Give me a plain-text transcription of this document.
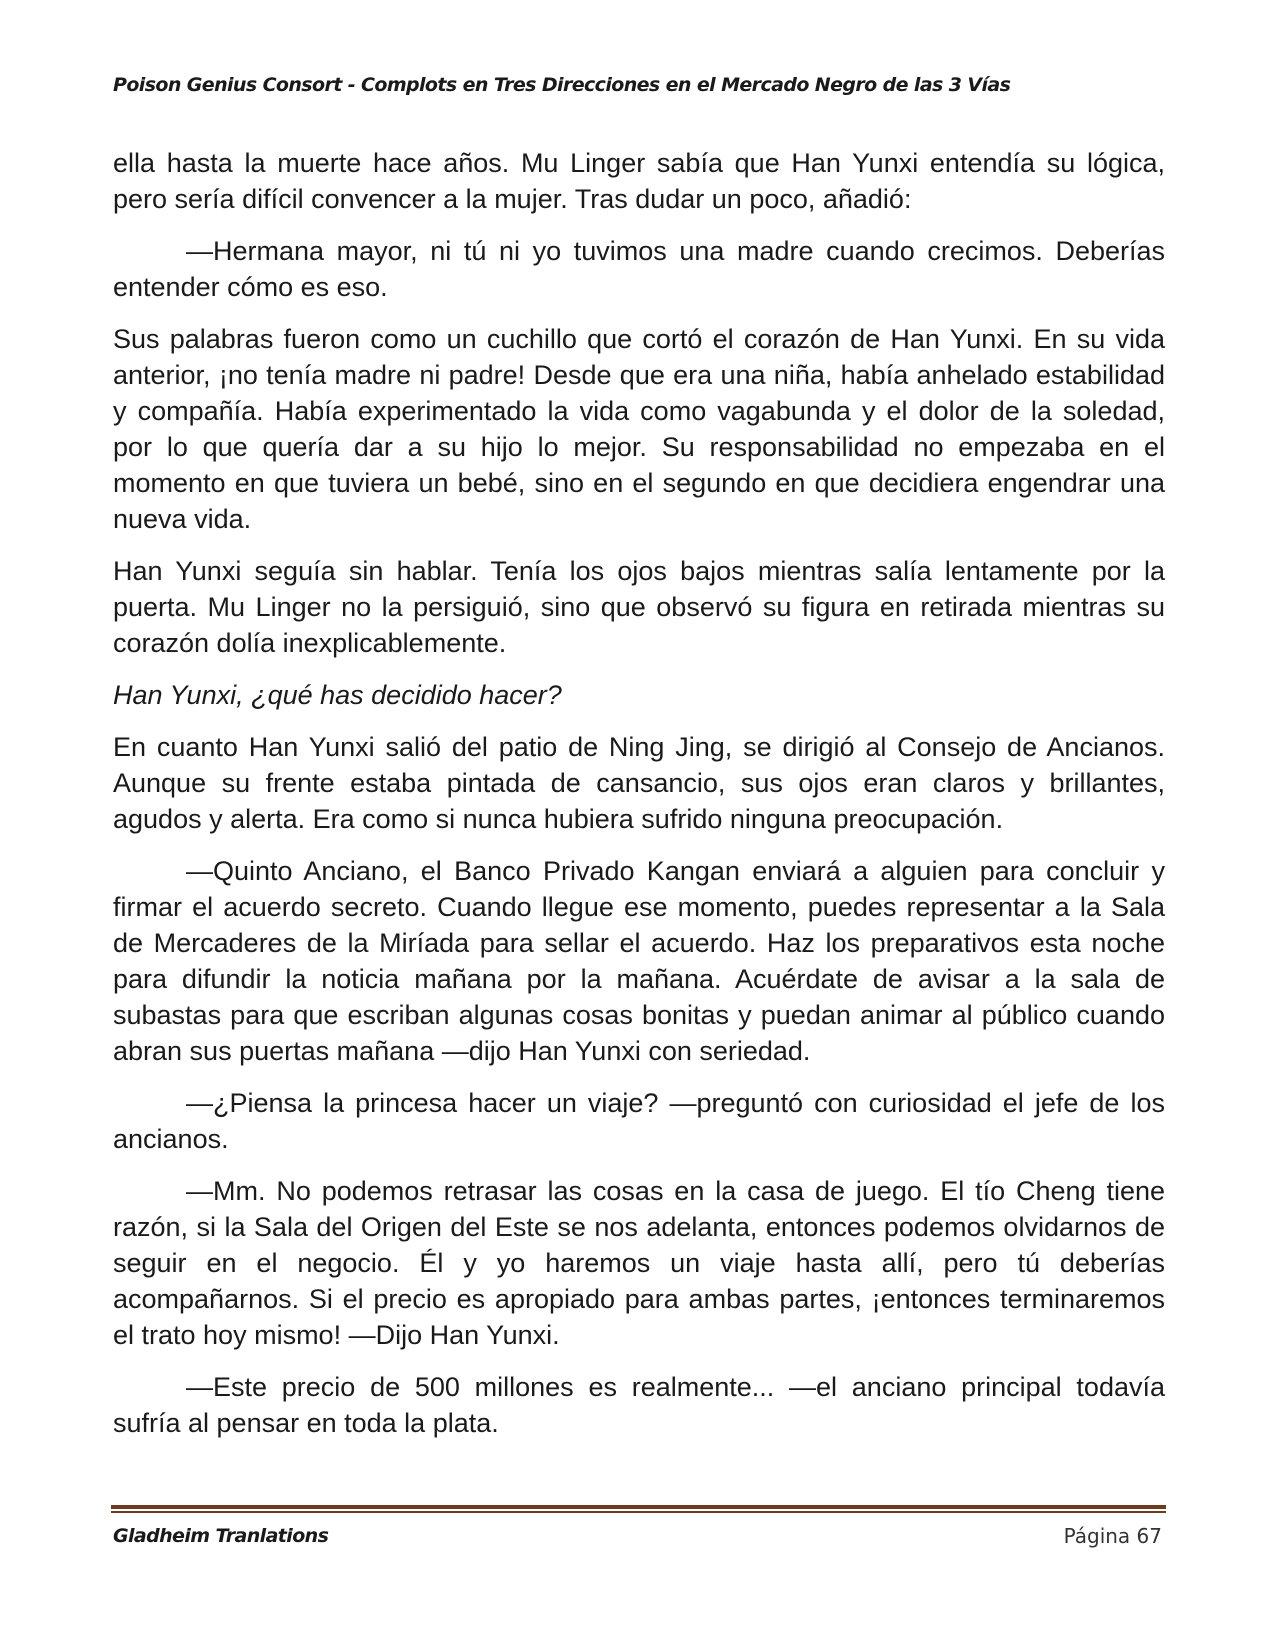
Poison Genius Consort - Complots en Tres Direcciones en el Mercado Negro de las 3 Vías

ella hasta la muerte hace años. Mu Linger sabía que Han Yunxi entendía su lógica, pero sería difícil convencer a la mujer. Tras dudar un poco, añadió:

—Hermana mayor, ni tú ni yo tuvimos una madre cuando crecimos. Deberías entender cómo es eso.

Sus palabras fueron como un cuchillo que cortó el corazón de Han Yunxi. En su vida anterior, ¡no tenía madre ni padre! Desde que era una niña, había anhelado estabilidad y compañía. Había experimentado la vida como vagabunda y el dolor de la soledad, por lo que quería dar a su hijo lo mejor. Su responsabilidad no empezaba en el momento en que tuviera un bebé, sino en el segundo en que decidiera engendrar una nueva vida.

Han Yunxi seguía sin hablar. Tenía los ojos bajos mientras salía lentamente por la puerta. Mu Linger no la persiguió, sino que observó su figura en retirada mientras su corazón dolía inexplicablemente.

Han Yunxi, ¿qué has decidido hacer?

En cuanto Han Yunxi salió del patio de Ning Jing, se dirigió al Consejo de Ancianos. Aunque su frente estaba pintada de cansancio, sus ojos eran claros y brillantes, agudos y alerta. Era como si nunca hubiera sufrido ninguna preocupación.

—Quinto Anciano, el Banco Privado Kangan enviará a alguien para concluir y firmar el acuerdo secreto. Cuando llegue ese momento, puedes representar a la Sala de Mercaderes de la Miríada para sellar el acuerdo. Haz los preparativos esta noche para difundir la noticia mañana por la mañana. Acuérdate de avisar a la sala de subastas para que escriban algunas cosas bonitas y puedan animar al público cuando abran sus puertas mañana —dijo Han Yunxi con seriedad.

—¿Piensa la princesa hacer un viaje? —preguntó con curiosidad el jefe de los ancianos.

—Mm. No podemos retrasar las cosas en la casa de juego. El tío Cheng tiene razón, si la Sala del Origen del Este se nos adelanta, entonces podemos olvidarnos de seguir en el negocio. Él y yo haremos un viaje hasta allí, pero tú deberías acompañarnos. Si el precio es apropiado para ambas partes, ¡entonces terminaremos el trato hoy mismo! —Dijo Han Yunxi.

—Este precio de 500 millones es realmente... —el anciano principal todavía sufría al pensar en toda la plata.

Gladheim Tranlations	Página 67
